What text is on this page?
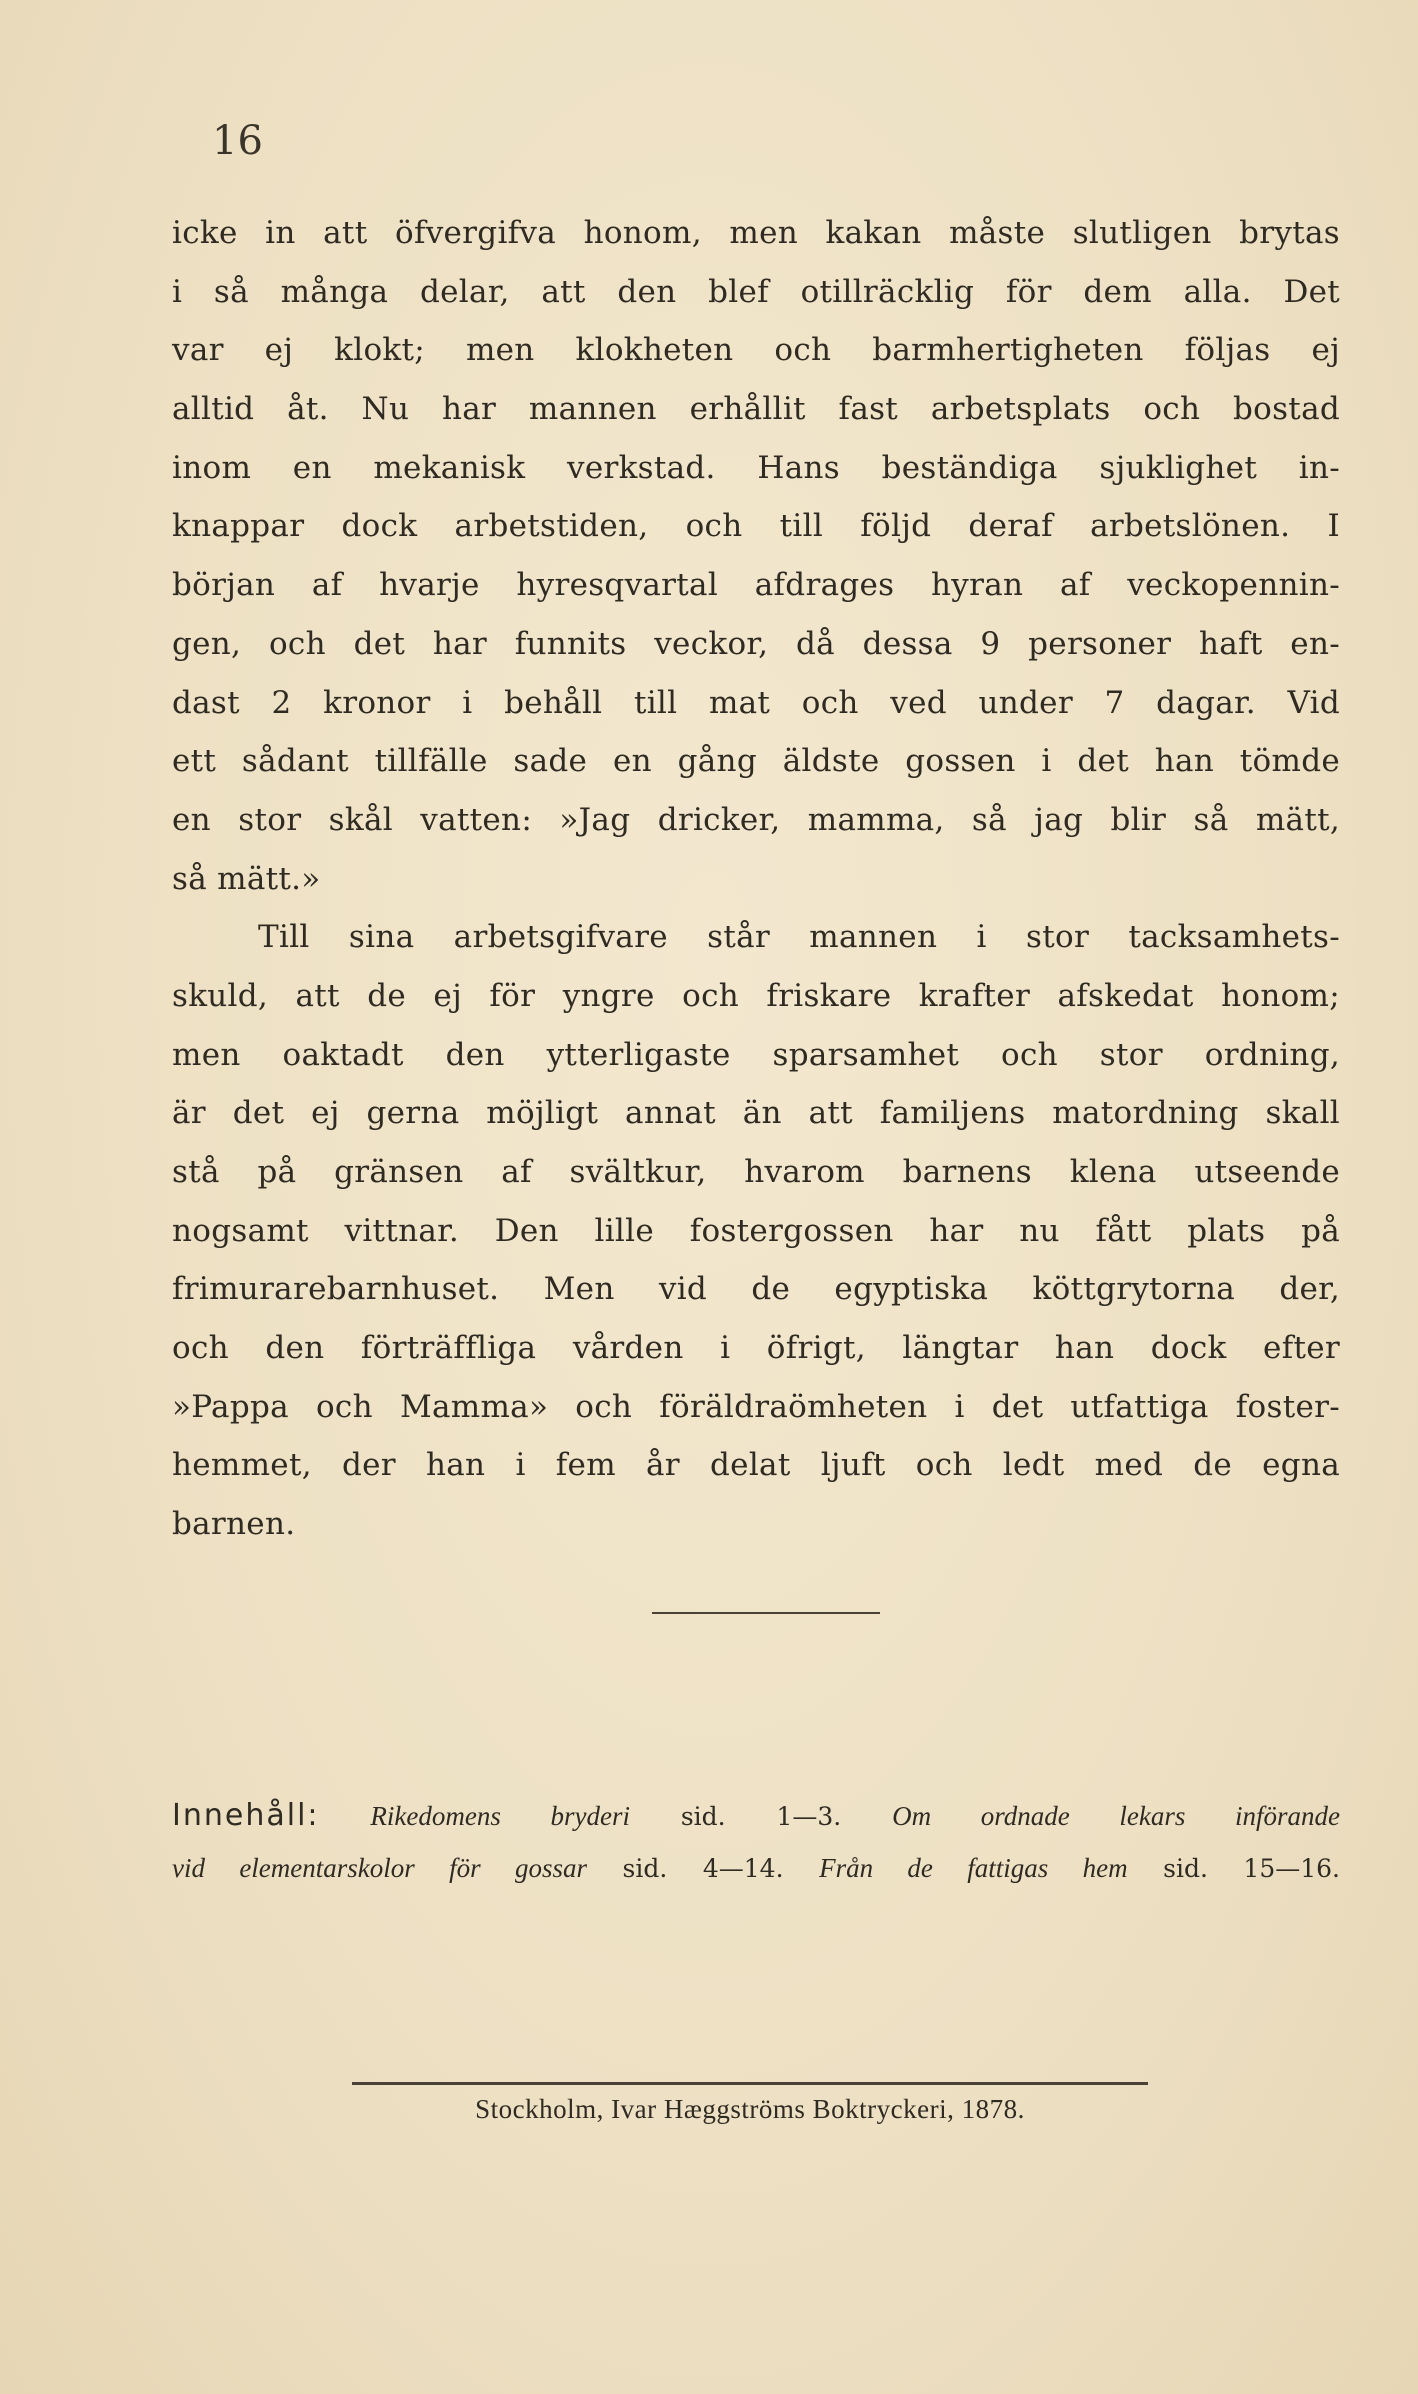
16
icke in att öfvergifva honom, men kakan måste slutligen brytas
i så många delar, att den blef otillräcklig för dem alla. Det
var ej klokt; men klokheten och barmhertigheten följas ej
alltid åt. Nu har mannen erhållit fast arbetsplats och bostad
inom en mekanisk verkstad. Hans beständiga sjuklighet in-
knappar dock arbetstiden, och till följd deraf arbetslönen. I
början af hvarje hyresqvartal afdrages hyran af veckopennin-
gen, och det har funnits veckor, då dessa 9 personer haft en-
dast 2 kronor i behåll till mat och ved under 7 dagar. Vid
ett sådant tillfälle sade en gång äldste gossen i det han tömde
en stor skål vatten: »Jag dricker, mamma, så jag blir så mätt,
så mätt.»
Till sina arbetsgifvare står mannen i stor tacksamhets-
skuld, att de ej för yngre och friskare krafter afskedat honom;
men oaktadt den ytterligaste sparsamhet och stor ordning,
är det ej gerna möjligt annat än att familjens matordning skall
stå på gränsen af svältkur, hvarom barnens klena utseende
nogsamt vittnar. Den lille fostergossen har nu fått plats på
frimurarebarnhuset. Men vid de egyptiska köttgrytorna der,
och den förträffliga vården i öfrigt, längtar han dock efter
»Pappa och Mamma» och föräldraömheten i det utfattiga foster-
hemmet, der han i fem år delat ljuft och ledt med de egna
barnen.
Innehåll: Rikedomens bryderi sid. 1—3. Om ordnade lekars införande
vid elementarskolor för gossar sid. 4—14. Från de fattigas hem sid. 15—16.
Stockholm, Ivar Hæggströms Boktryckeri, 1878.
